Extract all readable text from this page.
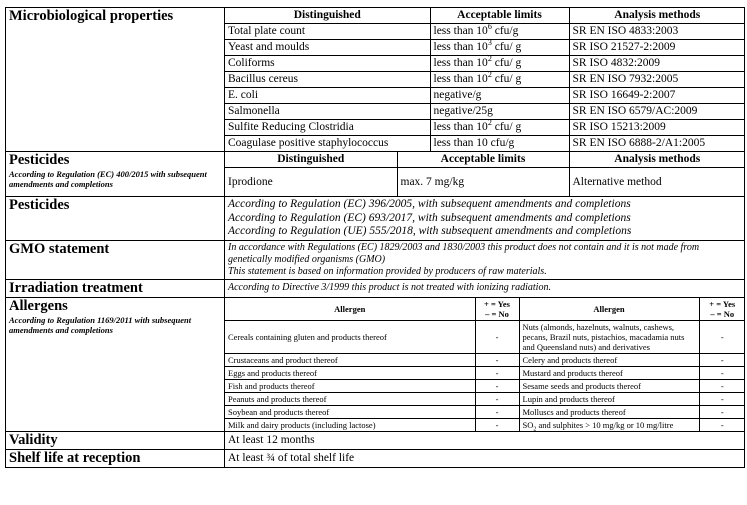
Microbiological properties		Distinguished	Acceptable limits	Analysis methods
Total plate count	less than $10^6$ cfu/g	SR EN ISO 4833:2003
Yeast and moulds	less than $10^3$ cfu/ g	SR ISO 21527-2:2009
Coliforms	less than $10^2$ cfu/ g	SR ISO 4832:2009
Bacillus cereus	less than $10^2$ cfu/ g	SR EN ISO 7932:2005
E. coli	negative/g	SR ISO 16649-2:2007
Salmonella	negative/25g	SR EN ISO 6579/AC:2009
Sulfite Reducing Clostridia	less than $10^2$ cfu/ g	SR ISO 15213:2009
Coagulase positive staphylococcus	less than 10 cfu/g	SR EN ISO 6888-2/A1:2005

Pesticides
According to Regulation (EC) 400/2015 with subsequent amendments and completions

Distinguished	Acceptable limits	Analysis methods
Iprodione	max. 7 mg/kg	Alternative method

Pesticides	According to Regulation (EC) 396/2005, with subsequent amendments and completions
According to Regulation (EC) 693/2017, with subsequent amendments and completions
According to Regulation (UE) 555/2018, with subsequent amendments and completions

GMO statement	In accordance with Regulations (EC) 1829/2003 and 1830/2003 this product does not contain and it is not made from genetically modified organisms (GMO)
This statement is based on information provided by producers of raw materials.

Irradiation treatment	According to Directive 3/1999 this product is not treated with ionizing radiation.
Allergens
According to Regulation 1169/2011 with subsequent amendments and completions

Allergen	+ = Yes
– = No	Allergen	+ = Yes
– = No

Cereals containing gluten and products thereof	-	Nuts (almonds, hazelnuts, walnuts, cashews, pecans, Brazil nuts, pistachios, macadamia nuts and Queensland nuts) and derivatives	-
Crustaceans and product thereof	-	Celery and products thereof	-
Eggs and products thereof	-	Mustard and products thereof	-
Fish and products thereof	-	Sesame seeds and products thereof	-
Peanuts and products thereof	-	Lupin and products thereof	-
Soybean and products thereof	-	Molluscs and products thereof	-
Milk and dairy products (including lactose)	-	$SO_2$ and sulphites > 10 mg/kg or 10 mg/litre	-

Validity	At least 12 months
Shelf life at reception	At least ¾ of total shelf life
